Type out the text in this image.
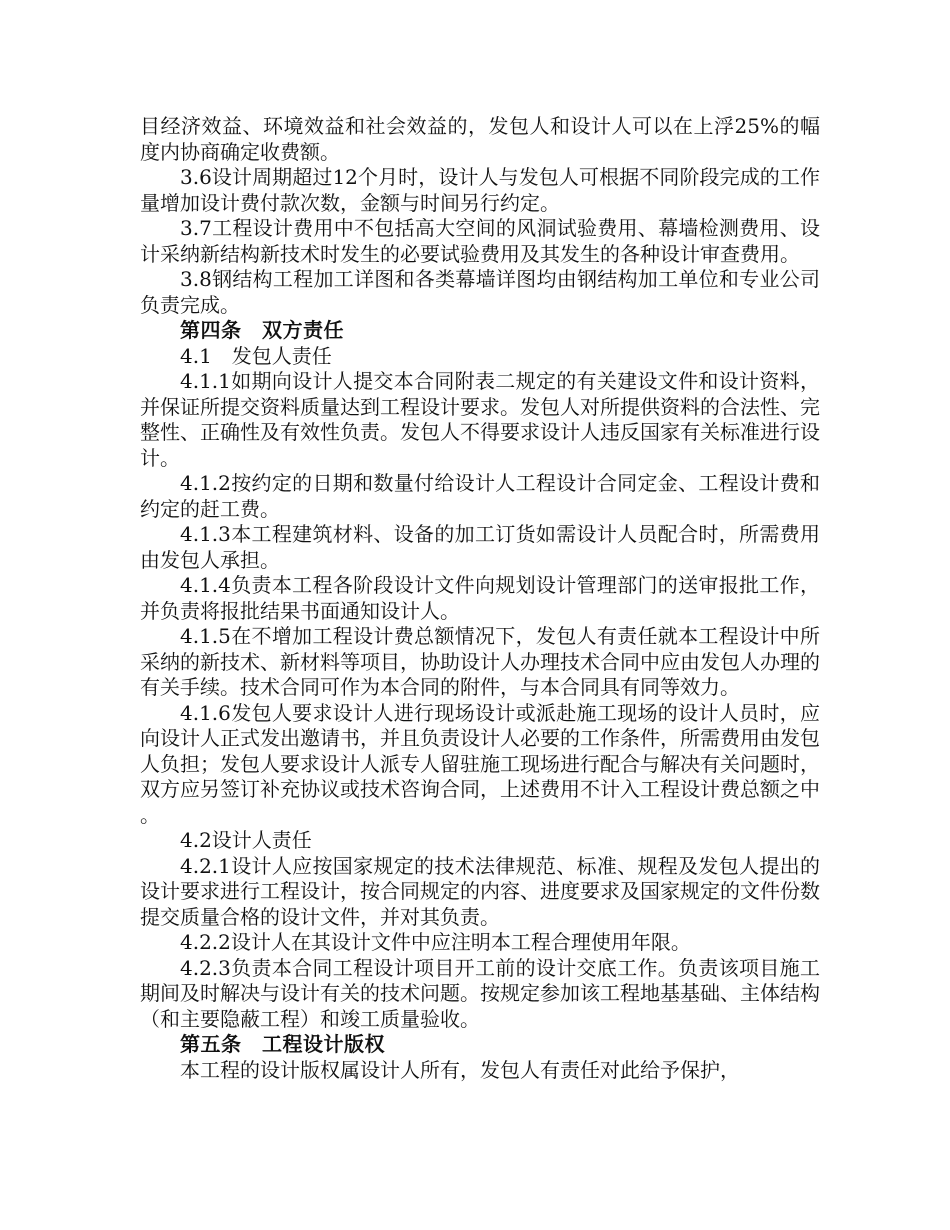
目经济效益、环境效益和社会效益的，发包人和设计人可以在上浮25%的幅度内协商确定收费额。

3.6设计周期超过12个月时，设计人与发包人可根据不同阶段完成的工作量增加设计费付款次数，金额与时间另行约定。

3.7工程设计费用中不包括高大空间的风洞试验费用、幕墙检测费用、设计采纳新结构新技术时发生的必要试验费用及其发生的各种设计审查费用。

3.8钢结构工程加工详图和各类幕墙详图均由钢结构加工单位和专业公司负责完成。

第四条　双方责任

4.1　发包人责任

4.1.1如期向设计人提交本合同附表二规定的有关建设文件和设计资料，并保证所提交资料质量达到工程设计要求。发包人对所提供资料的合法性、完整性、正确性及有效性负责。发包人不得要求设计人违反国家有关标准进行设计。

4.1.2按约定的日期和数量付给设计人工程设计合同定金、工程设计费和约定的赶工费。

4.1.3本工程建筑材料、设备的加工订货如需设计人员配合时，所需费用由发包人承担。

4.1.4负责本工程各阶段设计文件向规划设计管理部门的送审报批工作，并负责将报批结果书面通知设计人。

4.1.5在不增加工程设计费总额情况下，发包人有责任就本工程设计中所采纳的新技术、新材料等项目，协助设计人办理技术合同中应由发包人办理的有关手续。技术合同可作为本合同的附件，与本合同具有同等效力。

4.1.6发包人要求设计人进行现场设计或派赴施工现场的设计人员时，应向设计人正式发出邀请书，并且负责设计人必要的工作条件，所需费用由发包人负担；发包人要求设计人派专人留驻施工现场进行配合与解决有关问题时，双方应另签订补充协议或技术咨询合同，上述费用不计入工程设计费总额之中。

4.2设计人责任

4.2.1设计人应按国家规定的技术法律规范、标准、规程及发包人提出的设计要求进行工程设计，按合同规定的内容、进度要求及国家规定的文件份数提交质量合格的设计文件，并对其负责。

4.2.2设计人在其设计文件中应注明本工程合理使用年限。

4.2.3负责本合同工程设计项目开工前的设计交底工作。负责该项目施工期间及时解决与设计有关的技术问题。按规定参加该工程地基基础、主体结构（和主要隐蔽工程）和竣工质量验收。

第五条　工程设计版权

本工程的设计版权属设计人所有，发包人有责任对此给予保护，
